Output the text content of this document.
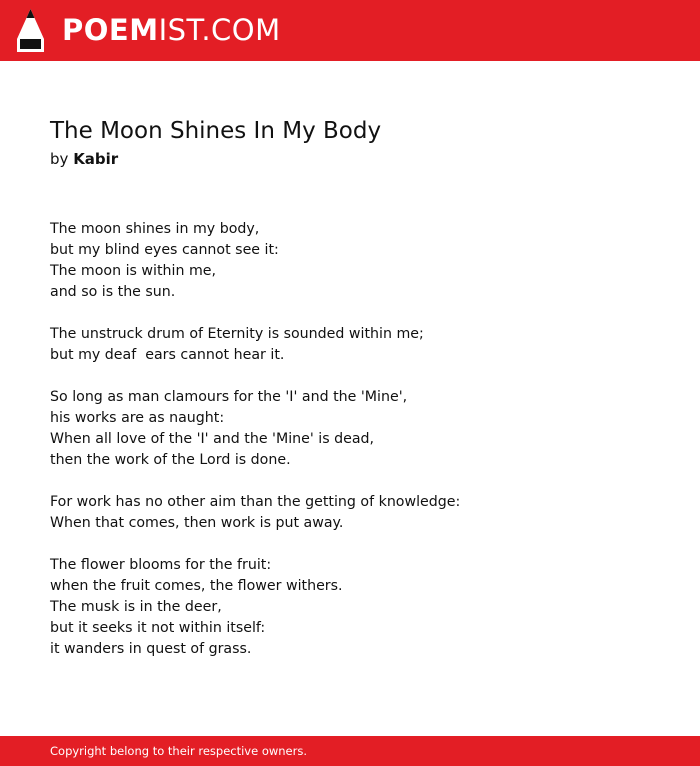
POEMIST.COM
The Moon Shines In My Body
by Kabir

The moon shines in my body,
but my blind eyes cannot see it:
The moon is within me,
and so is the sun.

The unstruck drum of Eternity is sounded within me;
but my deaf  ears cannot hear it.

So long as man clamours for the 'I' and the 'Mine',
his works are as naught:
When all love of the 'I' and the 'Mine' is dead,
then the work of the Lord is done.

For work has no other aim than the getting of knowledge:
When that comes, then work is put away.

The flower blooms for the fruit:
when the fruit comes, the flower withers.
The musk is in the deer,
but it seeks it not within itself:
it wanders in quest of grass.

Copyright belong to their respective owners.
